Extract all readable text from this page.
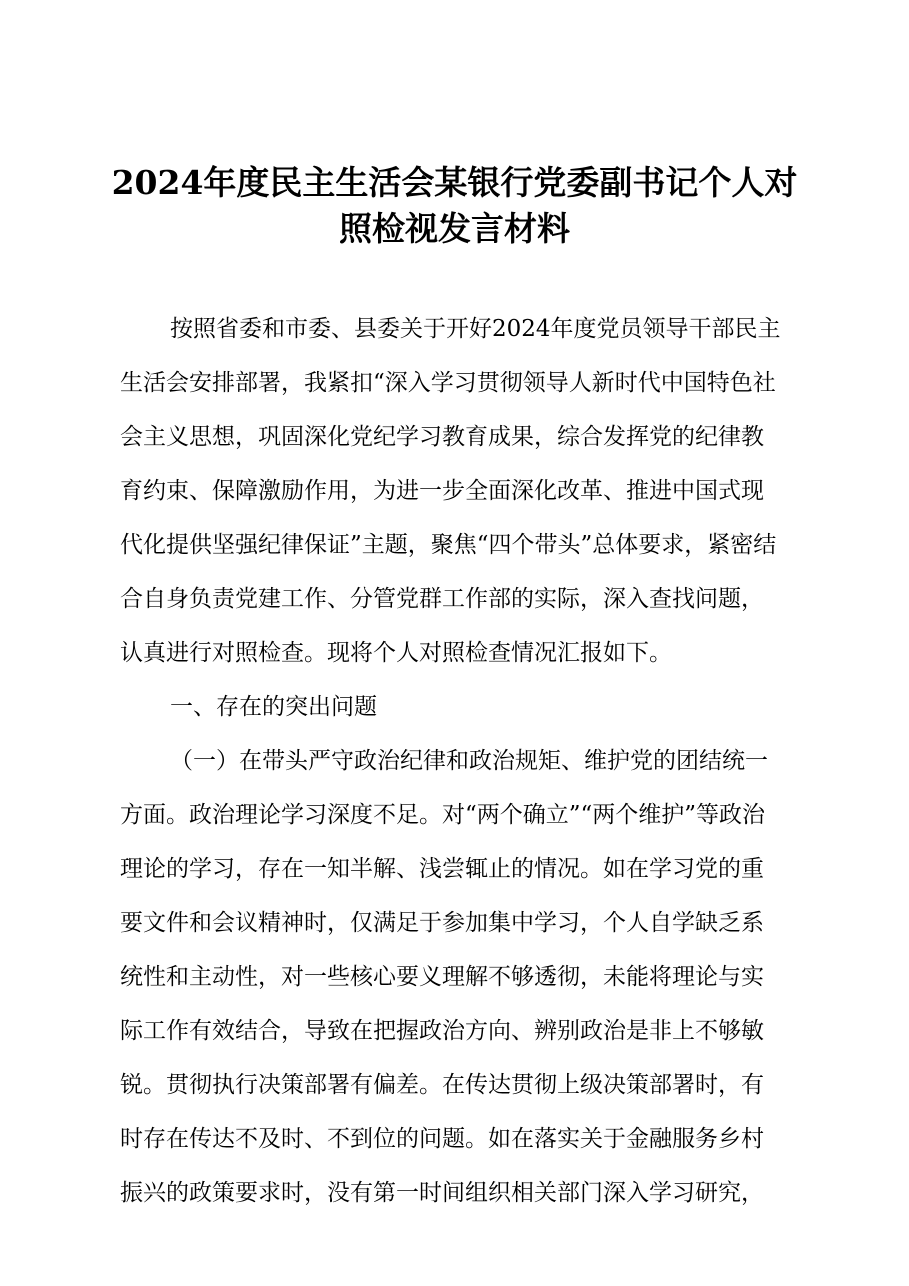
2024年度民主生活会某银行党委副书记个人对
照检视发言材料
按照省委和市委、县委关于开好2024年度党员领导干部民主
生活会安排部署，我紧扣“深入学习贯彻领导人新时代中国特色社
会主义思想，巩固深化党纪学习教育成果，综合发挥党的纪律教
育约束、保障激励作用，为进一步全面深化改革、推进中国式现
代化提供坚强纪律保证”主题，聚焦“四个带头”总体要求，紧密结
合自身负责党建工作、分管党群工作部的实际，深入查找问题，
认真进行对照检查。现将个人对照检查情况汇报如下。
一、存在的突出问题
（一）在带头严守政治纪律和政治规矩、维护党的团结统一
方面。政治理论学习深度不足。对“两个确立”“两个维护”等政治
理论的学习，存在一知半解、浅尝辄止的情况。如在学习党的重
要文件和会议精神时，仅满足于参加集中学习，个人自学缺乏系
统性和主动性，对一些核心要义理解不够透彻，未能将理论与实
际工作有效结合，导致在把握政治方向、辨别政治是非上不够敏
锐。贯彻执行决策部署有偏差。在传达贯彻上级决策部署时，有
时存在传达不及时、不到位的问题。如在落实关于金融服务乡村
振兴的政策要求时，没有第一时间组织相关部门深入学习研究，
